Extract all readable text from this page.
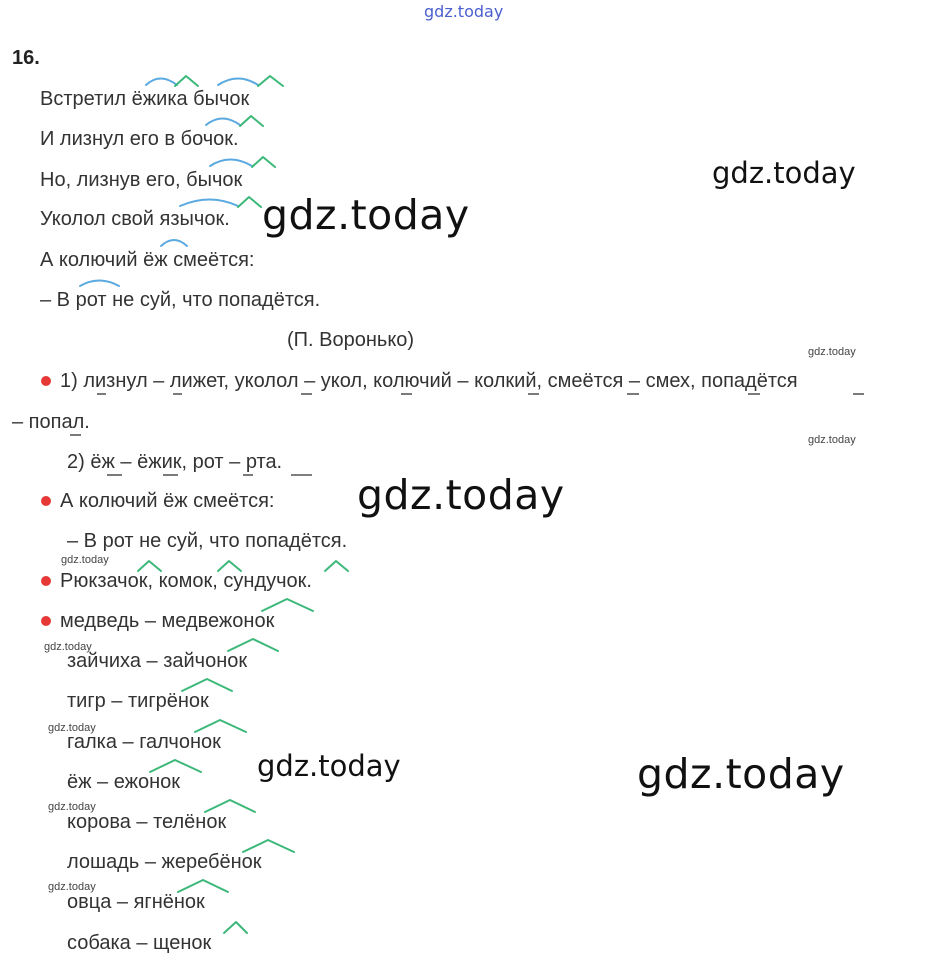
gdz.today
16.
Встретил ёжика бычок
И лизнул его в бочок.
Но, лизнув его, бычок
Уколол свой язычок.
А колючий ёж смеётся:
– В рот не суй, что попадётся.
(П. Воронько)
1) лизнул – лижет, уколол – укол, колючий – колкий, смеётся – смех, попадётся
– попал.
2) ёж – ёжик, рот – рта.
А колючий ёж смеётся:
– В рот не суй, что попадётся.
Рюкзачок, комок, сундучок.
медведь – медвежонок
зайчиха – зайчонок
тигр – тигрёнок
галка – галчонок
ёж – ежонок
корова – телёнок
лошадь – жеребёнок
овца – ягнёнок
собака – щенок
gdz.today
gdz.today
gdz.today
gdz.today	gdz.today
gdz.today
gdz.today
gdz.today
gdz.today
gdz.today
gdz.today
gdz.today
